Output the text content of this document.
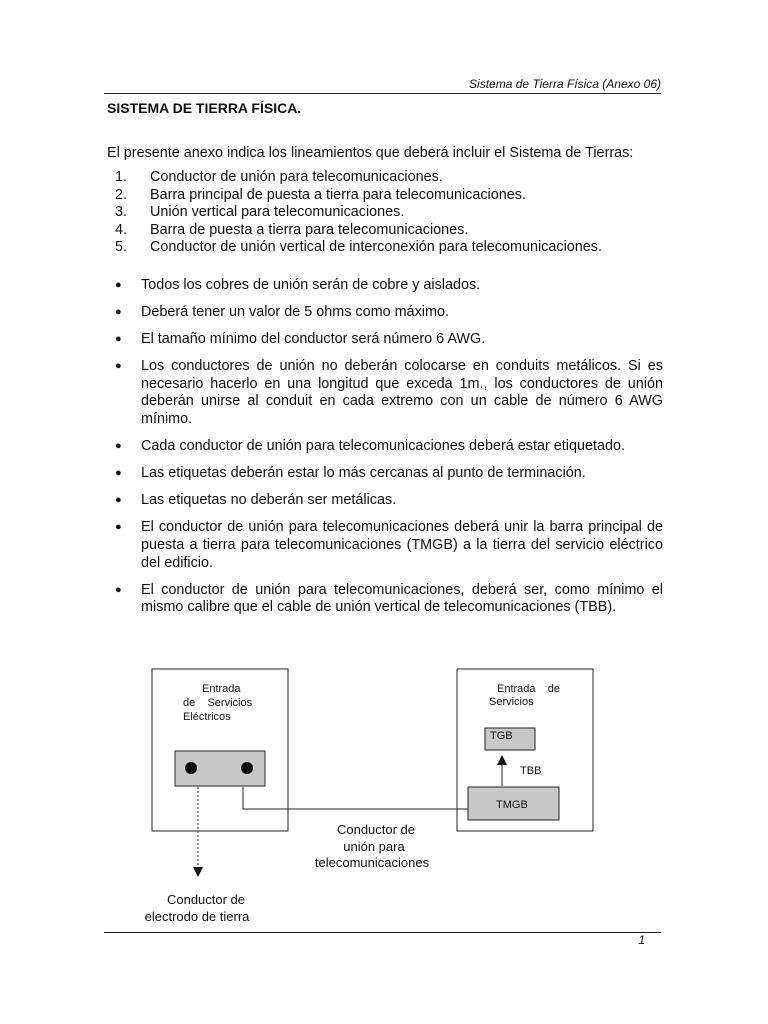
Sistema de Tierra Física (Anexo 06)
SISTEMA DE TIERRA FÍSICA.

El presente anexo indica los lineamientos que deberá incluir el Sistema de Tierras:

1. Conductor de unión para telecomunicaciones.
2. Barra principal de puesta a tierra para telecomunicaciones.
3. Unión vertical para telecomunicaciones.
4. Barra de puesta a tierra para telecomunicaciones.
5. Conductor de unión vertical de interconexión para telecomunicaciones.
● Todos los cobres de unión serán de cobre y aislados.
● Deberá tener un valor de 5 ohms como máximo.
● El tamaño mínimo del conductor será número 6 AWG.
● Los conductores de unión no deberán colocarse en conduits metálicos. Si es necesario hacerlo en una longitud que exceda 1m., los conductores de unión deberán unirse al conduit en cada extremo con un cable de número 6 AWG mínimo.
● Cada conductor de unión para telecomunicaciones deberá estar etiquetado.
● Las etiquetas deberán estar lo más cercanas al punto de terminación.
● Las etiquetas no deberán ser metálicas.
● El conductor de unión para telecomunicaciones deberá unir la barra principal de puesta a tierra para telecomunicaciones (TMGB) a la tierra del servicio eléctrico del edificio.
● El conductor de unión para telecomunicaciones, deberá ser, como mínimo el mismo calibre que el cable de unión vertical de telecomunicaciones (TBB).
Entrada
de    Servicios
Eléctricos
Entrada    de
Servicios
TGB
TBB
TMGB
Conductor de
unión para
telecomunicaciones
Conductor de
electrodo de tierra
1
